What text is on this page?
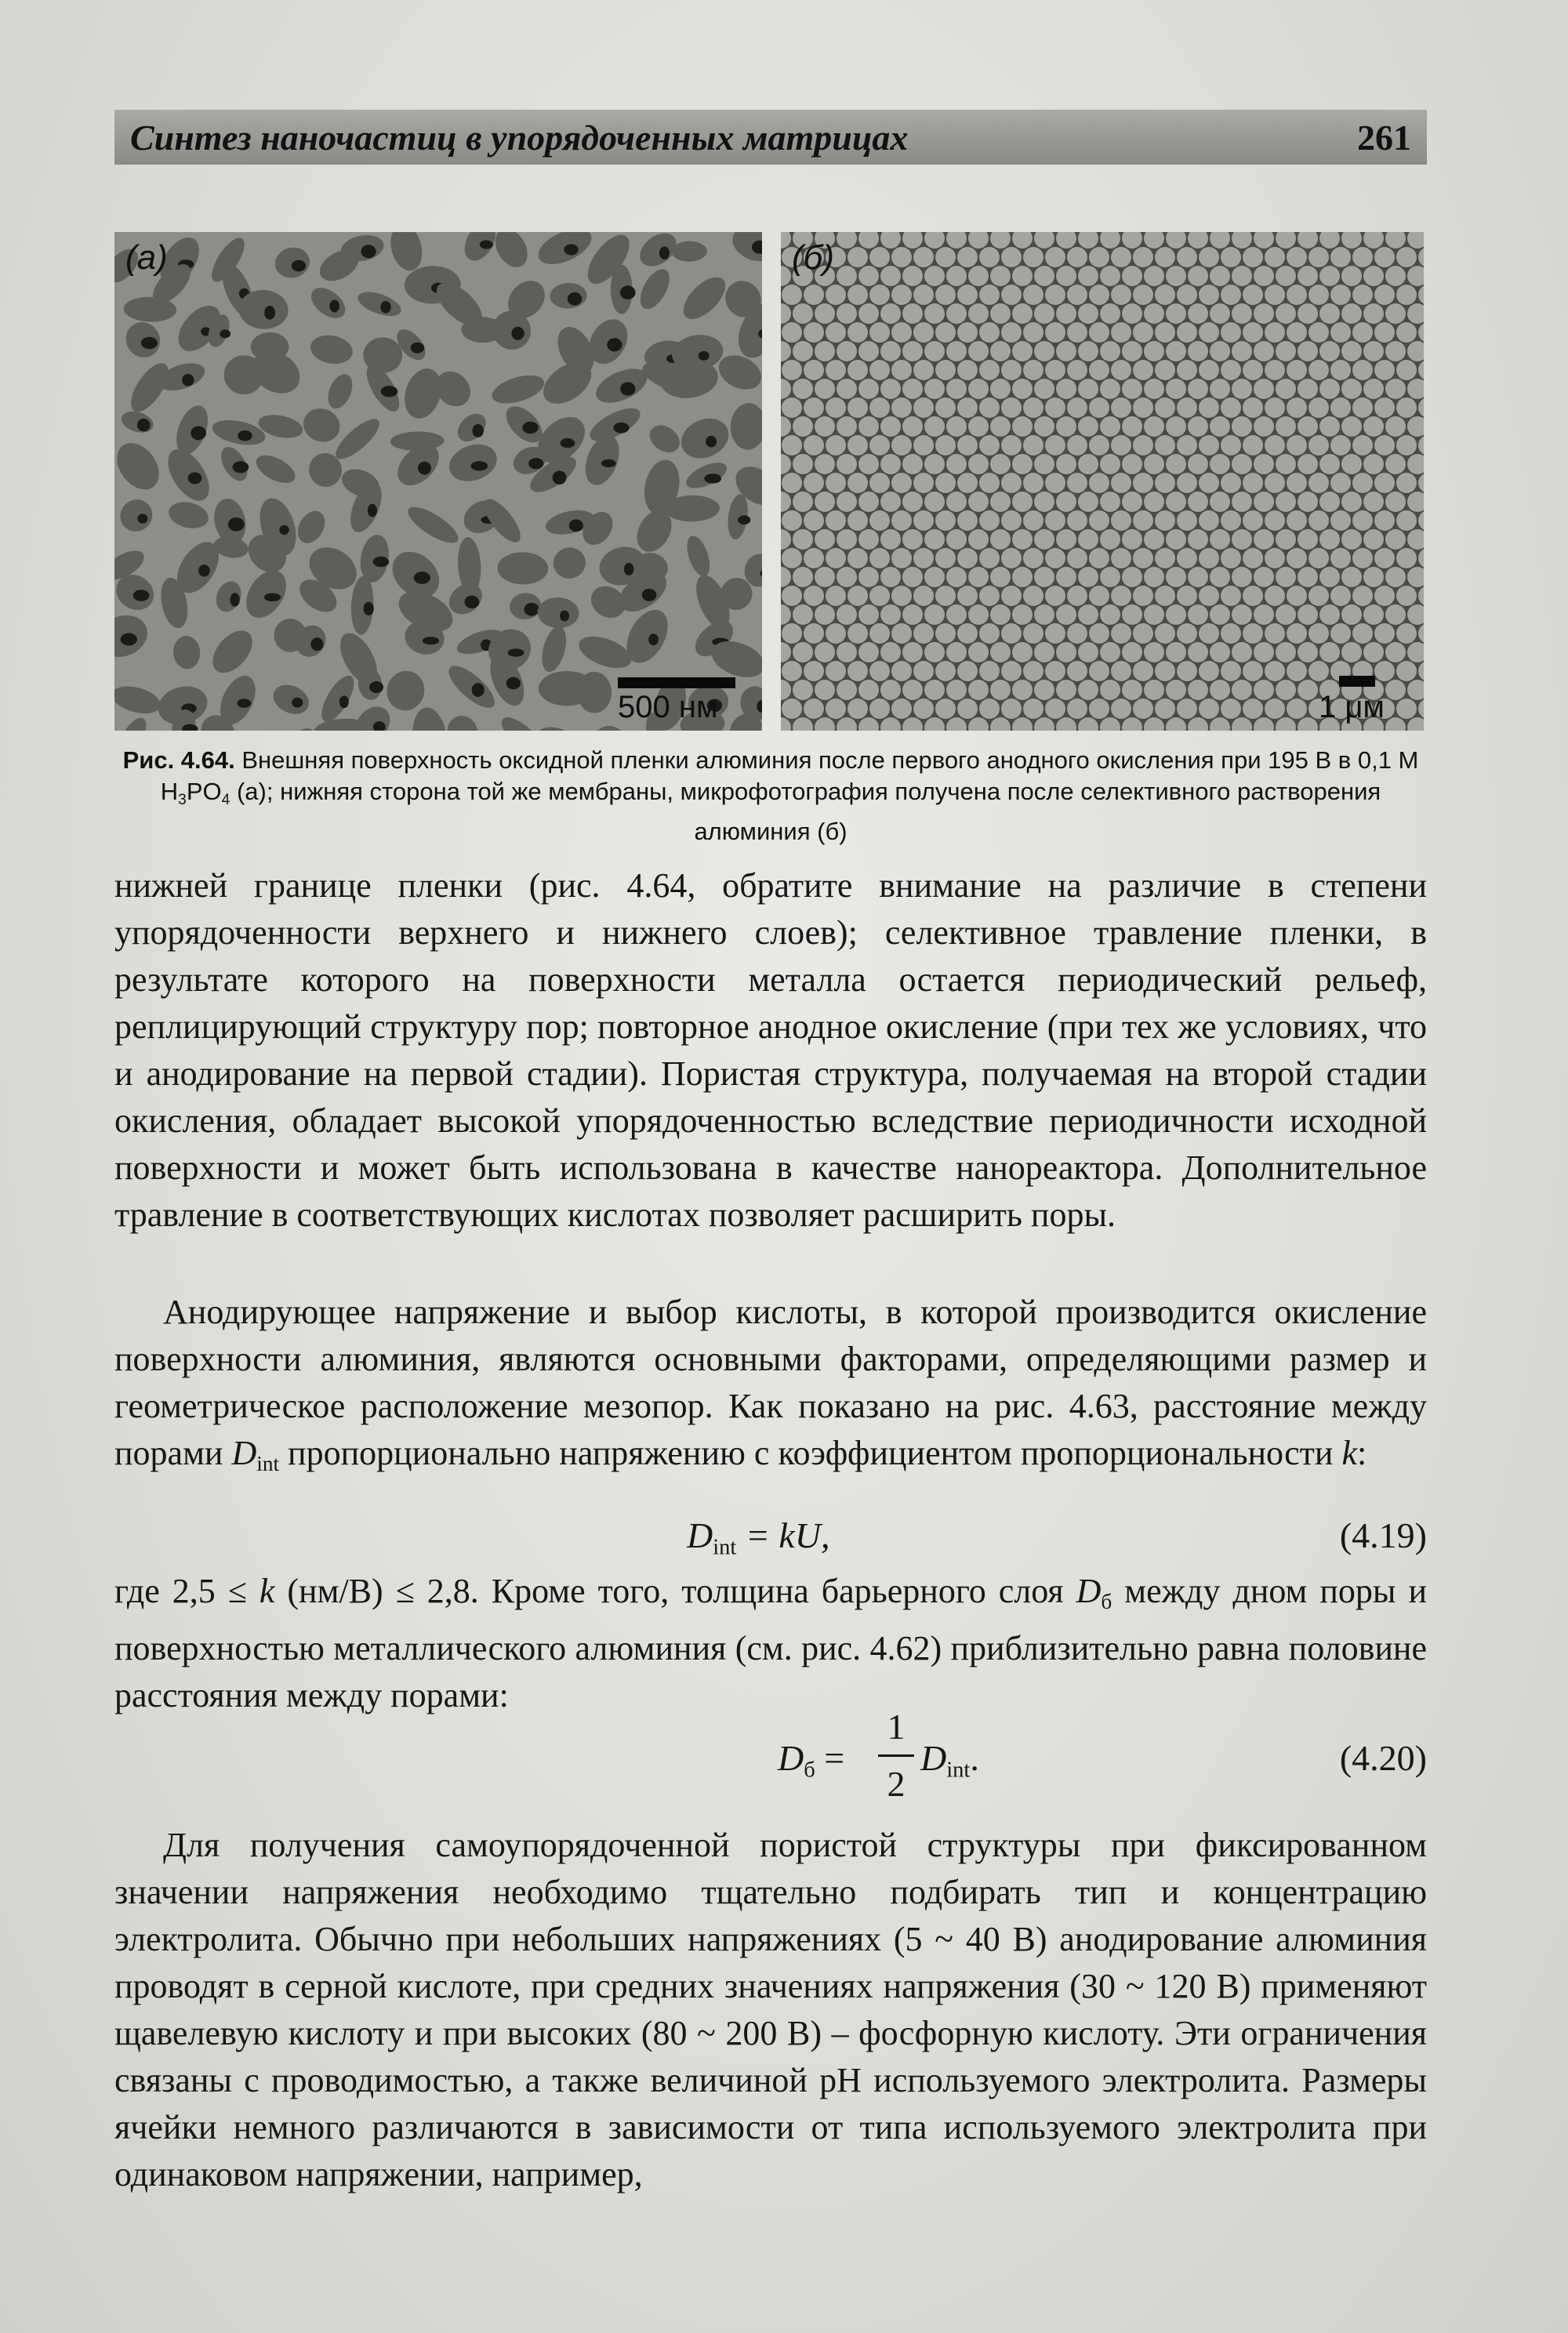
Синтез наночастиц в упорядоченных матрицах	261
(а)
500 нм
(б)
1 μм
Рис. 4.64. Внешняя поверхность оксидной пленки алюминия после первого анодного окисления при 195 В в 0,1 М $H_3PO_4$ (а); нижняя сторона той же мембраны, микрофотография получена после селективного растворения алюминия (б)
нижней границе пленки (рис. 4.64, обратите внимание на различие в степени упорядоченности верхнего и нижнего слоев); селективное травление пленки, в результате которого на поверхности металла остается периодический рельеф, реплицирующий структуру пор; повторное анодное окисление (при тех же условиях, что и анодирование на первой стадии). Пористая структура, получаемая на второй стадии окисления, обладает высокой упорядоченностью вследствие периодичности исходной поверхности и может быть использована в качестве нанореактора. Дополнительное травление в соответствующих кислотах позволяет расширить поры.
Анодирующее напряжение и выбор кислоты, в которой производится окисление поверхности алюминия, являются основными факторами, определяющими размер и геометрическое расположение мезопор. Как показано на рис. 4.63, расстояние между порами $D_{int}$ пропорционально напряжению с коэффициентом пропорциональности k:
$D_{int}$ = kU,	(4.19)
где 2,5 ≤ k (нм/В) ≤ 2,8. Кроме того, толщина барьерного слоя $D_б$ между дном поры и поверхностью металлического алюминия (см. рис. 4.62) приблизительно равна половине расстояния между порами:
$D_б$ =
1
2
$D_{int}$.	(4.20)
Для получения самоупорядоченной пористой структуры при фиксированном значении напряжения необходимо тщательно подбирать тип и концентрацию электролита. Обычно при небольших напряжениях (5 ~ 40 В) анодирование алюминия проводят в серной кислоте, при средних значениях напряжения (30 ~ 120 В) применяют щавелевую кислоту и при высоких (80 ~ 200 В) – фосфорную кислоту. Эти ограничения связаны с проводимостью, а также величиной pH используемого электролита. Размеры ячейки немного различаются в зависимости от типа используемого электролита при одинаковом напряжении, например,
